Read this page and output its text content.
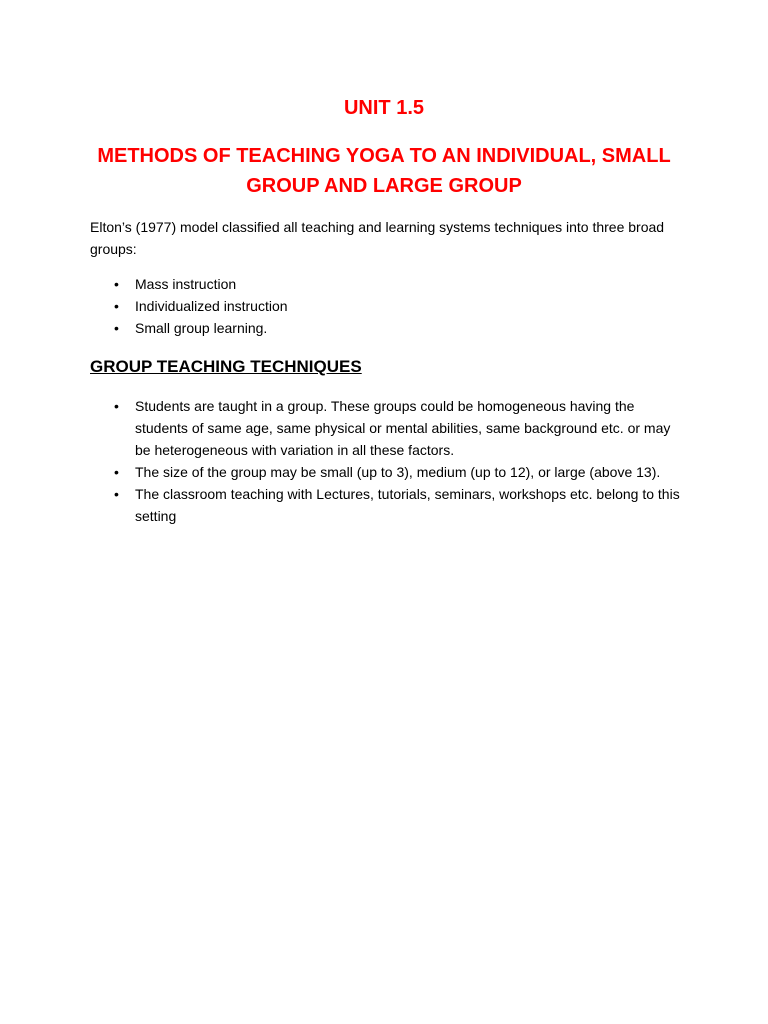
UNIT 1.5
METHODS OF TEACHING YOGA TO AN INDIVIDUAL, SMALL GROUP AND LARGE GROUP
Elton’s (1977) model classified all teaching and learning systems techniques into three broad groups:
• Mass instruction
• Individualized instruction
• Small group learning.
GROUP TEACHING TECHNIQUES
• Students are taught in a group. These groups could be homogeneous having the students of same age, same physical or mental abilities, same background etc. or may be heterogeneous with variation in all these factors.
• The size of the group may be small (up to 3), medium (up to 12), or large (above 13).
• The classroom teaching with Lectures, tutorials, seminars, workshops etc. belong to this setting
